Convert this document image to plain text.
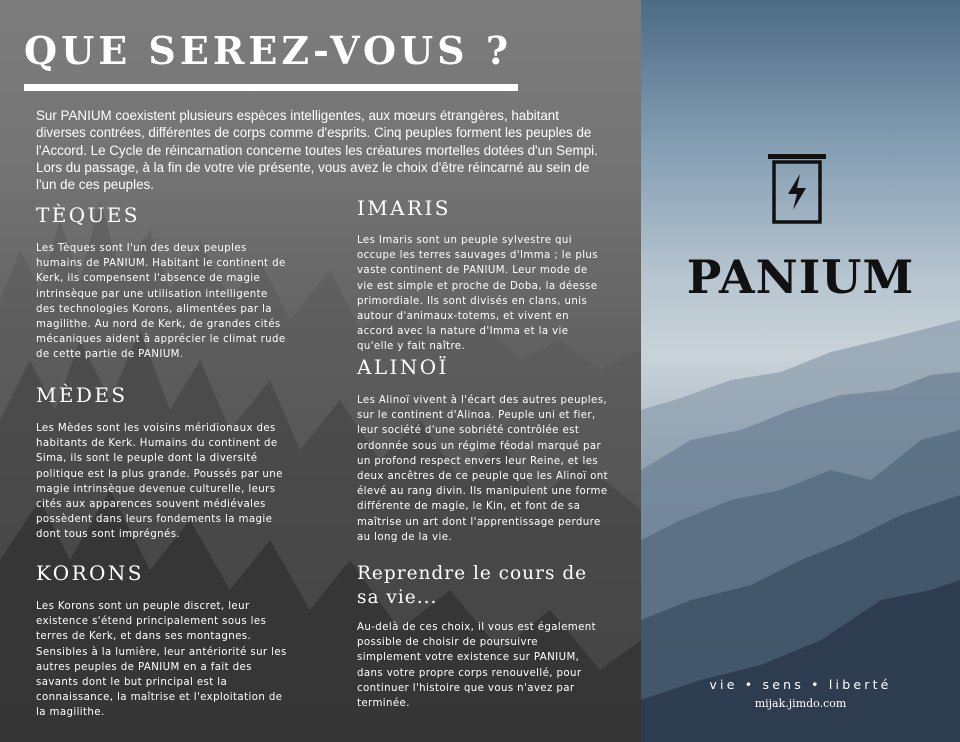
QUE SEREZ-VOUS ?

Sur PANIUM coexistent plusieurs espèces intelligentes, aux mœurs étrangères, habitant diverses contrées, différentes de corps comme d'esprits. Cinq peuples forment les peuples de l'Accord. Le Cycle de réincarnation concerne toutes les créatures mortelles dotées d'un Sempi. Lors du passage, à la fin de votre vie présente, vous avez le choix d'être réincarné au sein de l'un de ces peuples.

TÈQUES

Les Tèques sont l'un des deux peuples humains de PANIUM. Habitant le continent de Kerk, ils compensent l'absence de magie intrinsèque par une utilisation intelligente des technologies Korons, alimentées par la magilithe. Au nord de Kerk, de grandes cités mécaniques aident à apprécier le climat rude de cette partie de PANIUM.

MÈDES

Les Mèdes sont les voisins méridionaux des habitants de Kerk. Humains du continent de Sima, ils sont le peuple dont la diversité politique est la plus grande. Poussés par une magie intrinsèque devenue culturelle, leurs cités aux apparences souvent médiévales possèdent dans leurs fondements la magie dont tous sont imprégnés.

KORONS

Les Korons sont un peuple discret, leur existence s'étend principalement sous les terres de Kerk, et dans ses montagnes. Sensibles à la lumière, leur antériorité sur les autres peuples de PANIUM en a fait des savants dont le but principal est la connaissance, la maîtrise et l'exploitation de la magilithe.

IMARIS

Les Imaris sont un peuple sylvestre qui occupe les terres sauvages d'Imma ; le plus vaste continent de PANIUM. Leur mode de vie est simple et proche de Doba, la déesse primordiale. Ils sont divisés en clans, unis autour d'animaux-totems, et vivent en accord avec la nature d'Imma et la vie qu'elle y fait naître.

ALINOÏ

Les Alinoï vivent à l'écart des autres peuples, sur le continent d'Alinoa. Peuple uni et fier, leur société d'une sobriété contrôlée est ordonnée sous un régime féodal marqué par un profond respect envers leur Reine, et les deux ancêtres de ce peuple que les Alinoï ont élevé au rang divin. Ils manipulent une forme différente de magie, le Kin, et font de sa maîtrise un art dont l'apprentissage perdure au long de la vie.

Reprendre le cours de sa vie...

Au-delà de ces choix, il vous est également possible de choisir de poursuivre simplement votre existence sur PANIUM, dans votre propre corps renouvellé, pour continuer l'histoire que vous n'avez par terminée.

PANIUM
vie • sens • liberté
mijak.jimdo.com
